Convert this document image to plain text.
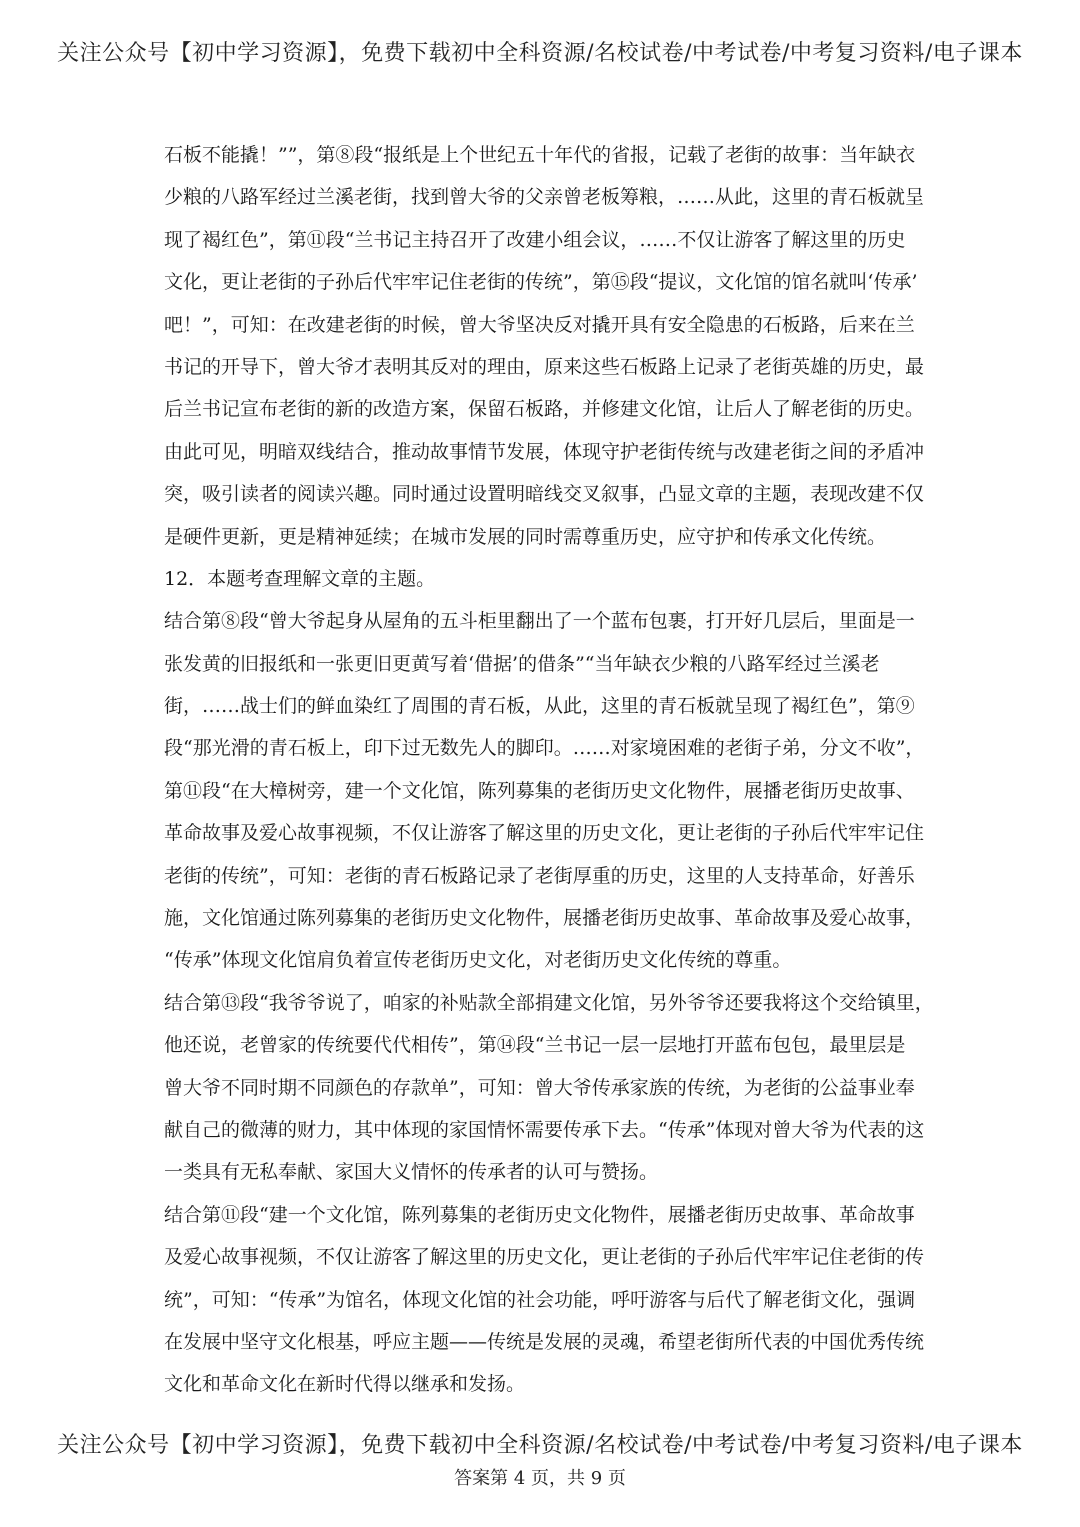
关注公众号【初中学习资源】，免费下载初中全科资源/名校试卷/中考试卷/中考复习资料/电子课本
石板不能撬！””，第⑧段“报纸是上个世纪五十年代的省报，记载了老街的故事：当年缺衣
少粮的八路军经过兰溪老街，找到曾大爷的父亲曾老板筹粮，……从此，这里的青石板就呈
现了褐红色”，第⑪段“兰书记主持召开了改建小组会议，……不仅让游客了解这里的历史
文化，更让老街的子孙后代牢牢记住老街的传统”，第⑮段“提议，文化馆的馆名就叫‘传承’
吧！”，可知：在改建老街的时候，曾大爷坚决反对撬开具有安全隐患的石板路，后来在兰
书记的开导下，曾大爷才表明其反对的理由，原来这些石板路上记录了老街英雄的历史，最
后兰书记宣布老街的新的改造方案，保留石板路，并修建文化馆，让后人了解老街的历史。
由此可见，明暗双线结合，推动故事情节发展，体现守护老街传统与改建老街之间的矛盾冲
突，吸引读者的阅读兴趣。同时通过设置明暗线交叉叙事，凸显文章的主题，表现改建不仅
是硬件更新，更是精神延续；在城市发展的同时需尊重历史，应守护和传承文化传统。
12．本题考查理解文章的主题。
结合第⑧段“曾大爷起身从屋角的五斗柜里翻出了一个蓝布包裹，打开好几层后，里面是一
张发黄的旧报纸和一张更旧更黄写着‘借据’的借条”“当年缺衣少粮的八路军经过兰溪老
街，……战士们的鲜血染红了周围的青石板，从此，这里的青石板就呈现了褐红色”，第⑨
段“那光滑的青石板上，印下过无数先人的脚印。……对家境困难的老街子弟，分文不收”，
第⑪段“在大樟树旁，建一个文化馆，陈列募集的老街历史文化物件，展播老街历史故事、
革命故事及爱心故事视频，不仅让游客了解这里的历史文化，更让老街的子孙后代牢牢记住
老街的传统”，可知：老街的青石板路记录了老街厚重的历史，这里的人支持革命，好善乐
施，文化馆通过陈列募集的老街历史文化物件，展播老街历史故事、革命故事及爱心故事，
“传承”体现文化馆肩负着宣传老街历史文化，对老街历史文化传统的尊重。
结合第⑬段“我爷爷说了，咱家的补贴款全部捐建文化馆，另外爷爷还要我将这个交给镇里，
他还说，老曾家的传统要代代相传”，第⑭段“兰书记一层一层地打开蓝布包包，最里层是
曾大爷不同时期不同颜色的存款单”，可知：曾大爷传承家族的传统，为老街的公益事业奉
献自己的微薄的财力，其中体现的家国情怀需要传承下去。“传承”体现对曾大爷为代表的这
一类具有无私奉献、家国大义情怀的传承者的认可与赞扬。
结合第⑪段“建一个文化馆，陈列募集的老街历史文化物件，展播老街历史故事、革命故事
及爱心故事视频，不仅让游客了解这里的历史文化，更让老街的子孙后代牢牢记住老街的传
统”，可知：“传承”为馆名，体现文化馆的社会功能，呼吁游客与后代了解老街文化，强调
在发展中坚守文化根基，呼应主题——传统是发展的灵魂，希望老街所代表的中国优秀传统
文化和革命文化在新时代得以继承和发扬。
关注公众号【初中学习资源】，免费下载初中全科资源/名校试卷/中考试卷/中考复习资料/电子课本
答案第 4 页，共 9 页
